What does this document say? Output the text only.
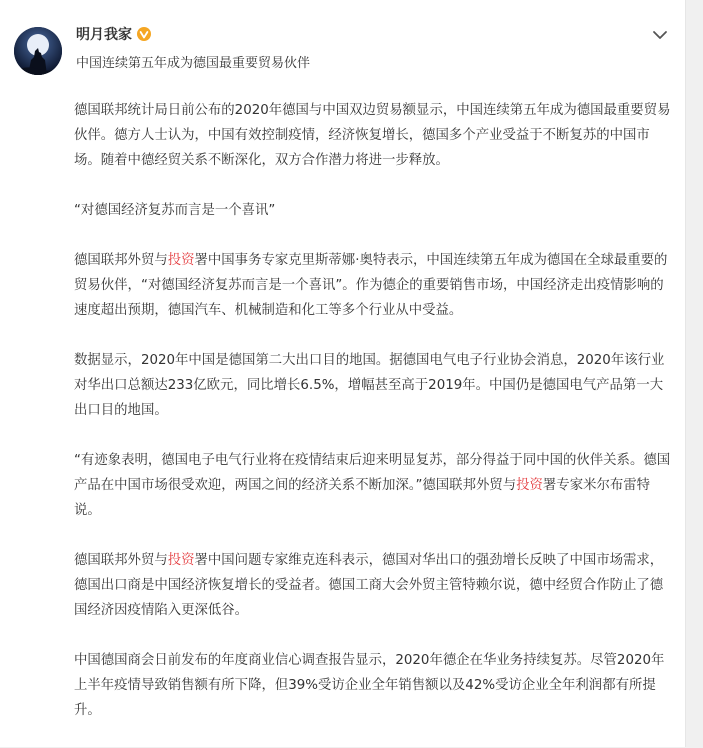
明月我家
中国连续第五年成为德国最重要贸易伙伴

德国联邦统计局日前公布的2020年德国与中国双边贸易额显示，中国连续第五年成为德国最重要贸易伙伴。德方人士认为，中国有效控制疫情，经济恢复增长，德国多个产业受益于不断复苏的中国市场。随着中德经贸关系不断深化，双方合作潜力将进一步释放。

“对德国经济复苏而言是一个喜讯”

德国联邦外贸与投资署中国事务专家克里斯蒂娜·奥特表示，中国连续第五年成为德国在全球最重要的贸易伙伴，“对德国经济复苏而言是一个喜讯”。作为德企的重要销售市场，中国经济走出疫情影响的速度超出预期，德国汽车、机械制造和化工等多个行业从中受益。

数据显示，2020年中国是德国第二大出口目的地国。据德国电气电子行业协会消息，2020年该行业对华出口总额达233亿欧元，同比增长6.5%，增幅甚至高于2019年。中国仍是德国电气产品第一大出口目的地国。

“有迹象表明，德国电子电气行业将在疫情结束后迎来明显复苏，部分得益于同中国的伙伴关系。德国产品在中国市场很受欢迎，两国之间的经济关系不断加深。”德国联邦外贸与投资署专家米尔布雷特说。

德国联邦外贸与投资署中国问题专家维克连科表示，德国对华出口的强劲增长反映了中国市场需求，德国出口商是中国经济恢复增长的受益者。德国工商大会外贸主管特赖尔说，德中经贸合作防止了德国经济因疫情陷入更深低谷。

中国德国商会日前发布的年度商业信心调查报告显示，2020年德企在华业务持续复苏。尽管2020年上半年疫情导致销售额有所下降，但39%受访企业全年销售额以及42%受访企业全年利润都有所提升。
